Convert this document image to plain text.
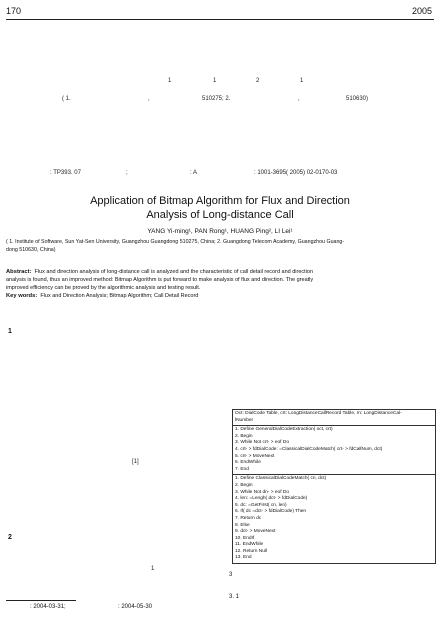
170	2005
1	1	2	1
( 1.	,	510275; 2.	,	510630)
: TP393. 07	;	: A	: 1001-3695( 2005) 02-0170-03
Application of Bitmap Algorithm for Flux and Direction
Analysis of Long-distance Call
YANG Yi-ming¹, PAN Rong¹, HUANG Ping², LI Lei¹
( 1. Institute of Software, Sun Yat-Sen University, Guangzhou Guangdong 510275, China; 2. Guangdong Telecom Academy, Guangzhou Guang-
dong 510630, China)
Abstract: Flux and direction analysis of long-distance call is analyzed and the characteristic of call detail record and direction
analysis is found, thus an improved method: Bitmap Algorithm is put forward to make analysis of flux and direction. The greatly
improved efficiency can be proved by the algorithmic analysis and testing result.
Key words: Flux and Direction Analysis; Bitmap Algorithm; Call Detail Record
1
[1]
2
1
3
3. 1
Oct: DialCode Table, crt: LongDistanceCallRecord Table, rn: LongDistanceCal-
lNumber
1. Define GeneralDialCodeExtraction( oct, crt)
2. Begin
3. While Not crt- > eof Do
4. crt- > fdDialCode: =ClassicalDialCodeMatch( crt- > fdCallNum, dct)
5. crt- > MoveNext
6. EndWhile
7. End
1. Define ClassicalDialCodeMatch( cn, dct)
2. Begin
3. While Not dn- > eof Do
4. len: =Lengh( dct- > fdDialCode)
5. dc: =GetFirst( cn, len)
6. If( dc =dct- > fdDialCode) Then
7. Return dc
8. Else
9. dct- > MoveNext
10. EndIf
11. EndWhile
12. Return Null
13. End
: 2004-03-31;	: 2004-05-30
